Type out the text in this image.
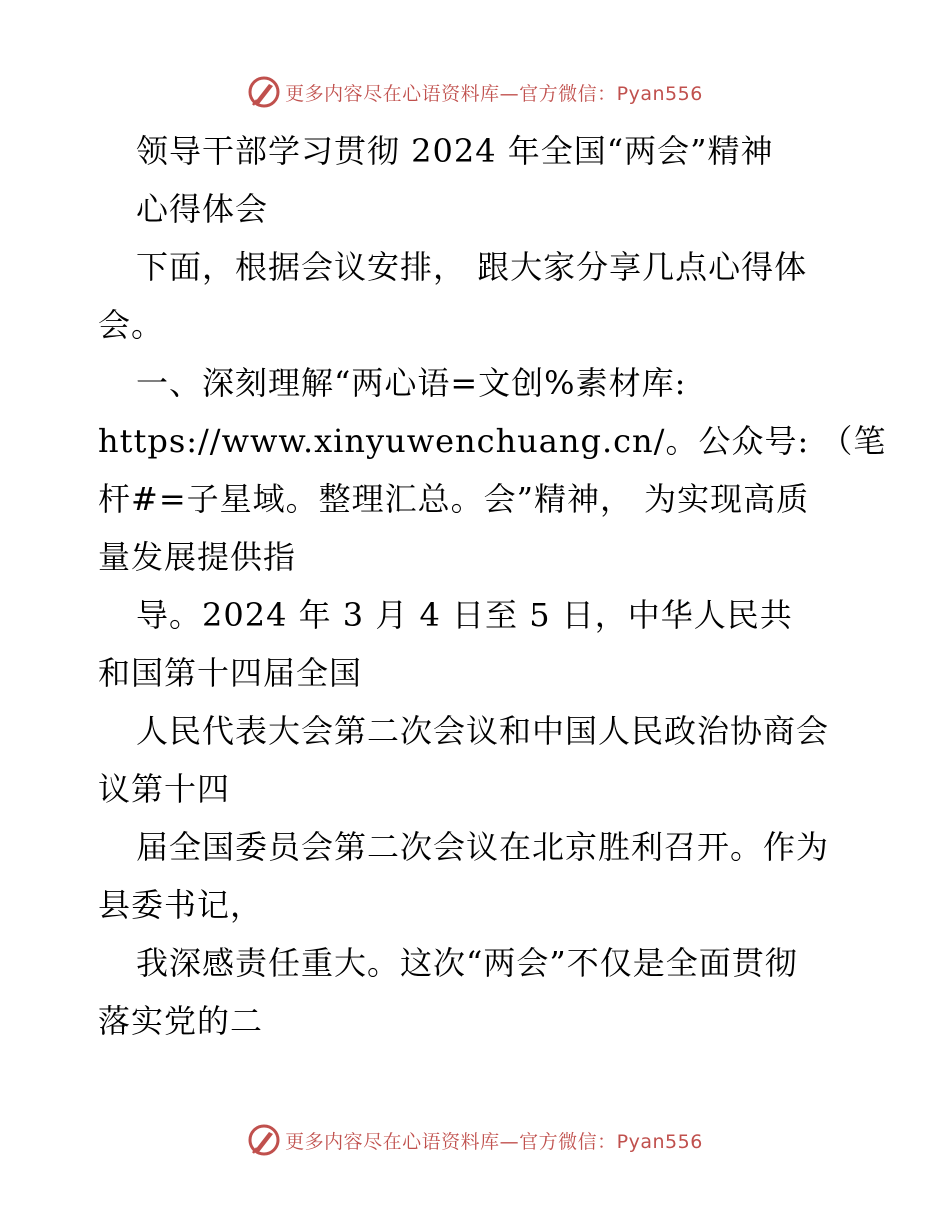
更多内容尽在心语资料库—官方微信：Pyan556
领导干部学习贯彻 2024 年全国“两会”精神
心得体会
下面，根据会议安排， 跟大家分享几点心得体
会。
一、深刻理解“两心语=文创%素材库:
https://www.xinyuwenchuang.cn/。公众号: （笔
杆#=子星域。整理汇总。会”精神， 为实现高质
量发展提供指
导。2024 年 3 月 4 日至 5 日，中华人民共
和国第十四届全国
人民代表大会第二次会议和中国人民政治协商会
议第十四
届全国委员会第二次会议在北京胜利召开。作为
县委书记，
我深感责任重大。这次“两会”不仅是全面贯彻
落实党的二
更多内容尽在心语资料库—官方微信：Pyan556
